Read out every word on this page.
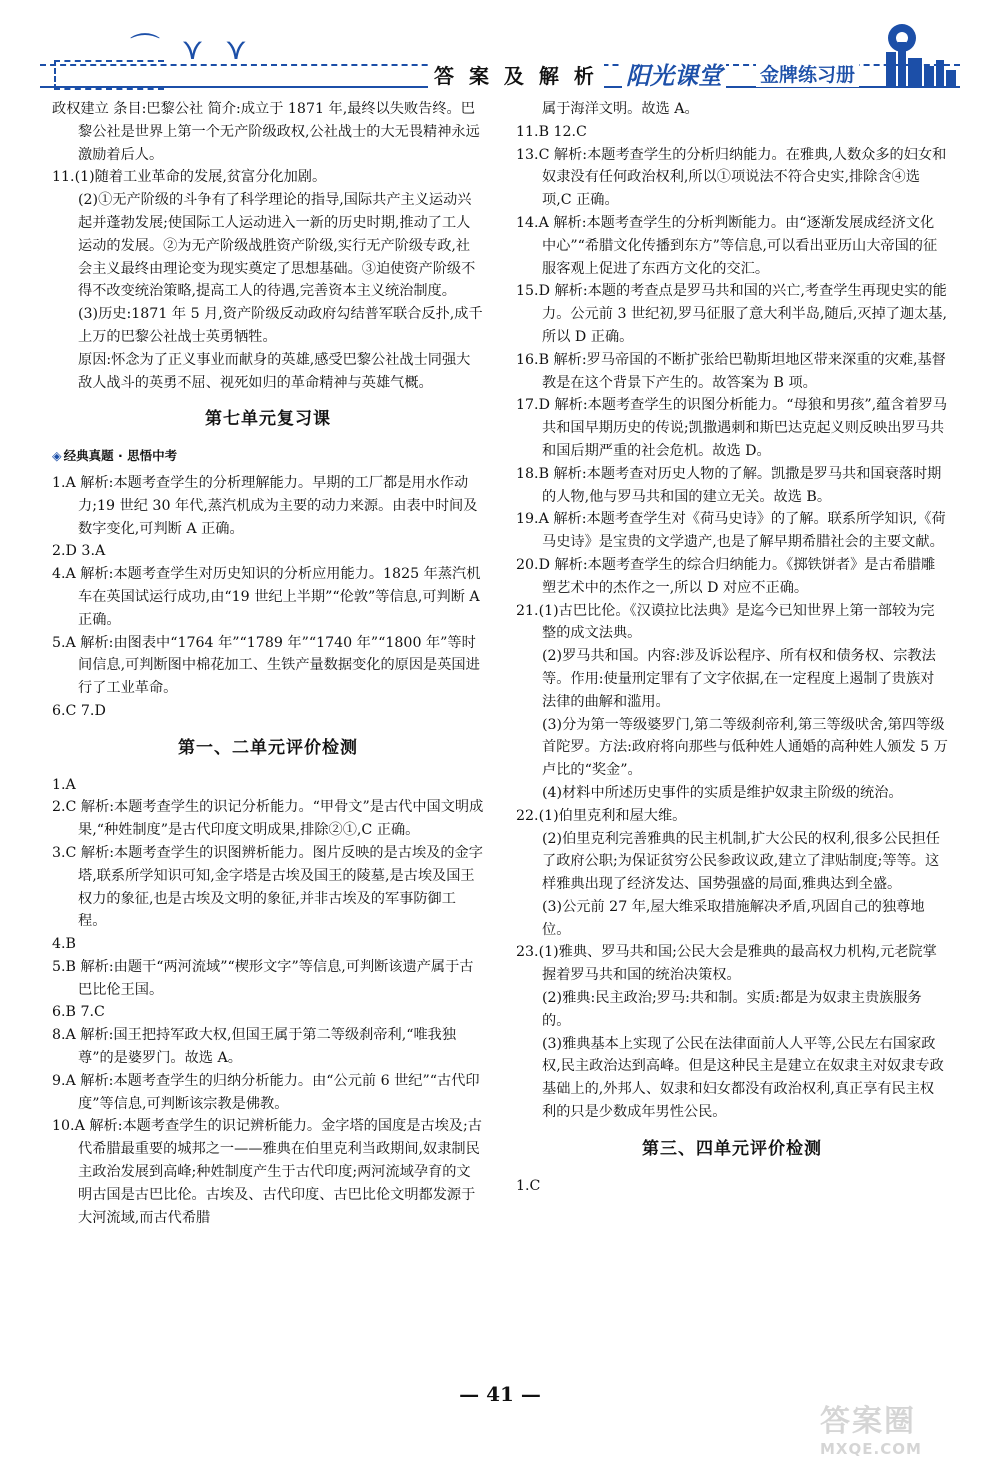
⌒ ⋎ ⋎
答 案 及 解 析 阳光课堂 金牌练习册

政权建立 条目:巴黎公社 简介:成立于 1871 年,最终以失败告终。巴黎公社是世界上第一个无产阶级政权,公社战士的大无畏精神永远激励着后人。

11.(1)随着工业革命的发展,贫富分化加剧。

(2)①无产阶级的斗争有了科学理论的指导,国际共产主义运动兴起并蓬勃发展;使国际工人运动进入一新的历史时期,推动了工人运动的发展。②为无产阶级战胜资产阶级,实行无产阶级专政,社会主义最终由理论变为现实奠定了思想基础。③迫使资产阶级不得不改变统治策略,提高工人的待遇,完善资本主义统治制度。

(3)历史:1871 年 5 月,资产阶级反动政府勾结普军联合反扑,成千上万的巴黎公社战士英勇牺牲。

原因:怀念为了正义事业而献身的英雄,感受巴黎公社战士同强大敌人战斗的英勇不屈、视死如归的革命精神与英雄气概。

第七单元复习课
◈ 经典真题 · 思悟中考

1.A 解析:本题考查学生的分析理解能力。早期的工厂都是用水作动力;19 世纪 30 年代,蒸汽机成为主要的动力来源。由表中时间及数字变化,可判断 A 正确。

2.D 3.A

4.A 解析:本题考查学生对历史知识的分析应用能力。1825 年蒸汽机车在英国试运行成功,由“19 世纪上半期”“伦敦”等信息,可判断 A 正确。

5.A 解析:由图表中“1764 年”“1789 年”“1740 年”“1800 年”等时间信息,可判断图中棉花加工、生铁产量数据变化的原因是英国进行了工业革命。

6.C 7.D

第一、二单元评价检测

1.A

2.C 解析:本题考查学生的识记分析能力。“甲骨文”是古代中国文明成果,“种姓制度”是古代印度文明成果,排除②①,C 正确。

3.C 解析:本题考查学生的识图辨析能力。图片反映的是古埃及的金字塔,联系所学知识可知,金字塔是古埃及国王的陵墓,是古埃及国王权力的象征,也是古埃及文明的象征,并非古埃及的军事防御工程。

4.B

5.B 解析:由题干“两河流域”“楔形文字”等信息,可判断该遗产属于古巴比伦王国。

6.B 7.C

8.A 解析:国王把持军政大权,但国王属于第二等级刹帝利,“唯我独尊”的是婆罗门。故选 A。

9.A 解析:本题考查学生的归纳分析能力。由“公元前 6 世纪”“古代印度”等信息,可判断该宗教是佛教。

10.A 解析:本题考查学生的识记辨析能力。金字塔的国度是古埃及;古代希腊最重要的城邦之一——雅典在伯里克利当政期间,奴隶制民主政治发展到高峰;种姓制度产生于古代印度;两河流域孕育的文明古国是古巴比伦。古埃及、古代印度、古巴比伦文明都发源于大河流域,而古代希腊

属于海洋文明。故选 A。

11.B 12.C

13.C 解析:本题考查学生的分析归纳能力。在雅典,人数众多的妇女和奴隶没有任何政治权利,所以①项说法不符合史实,排除含④选项,C 正确。

14.A 解析:本题考查学生的分析判断能力。由“逐渐发展成经济文化中心”“希腊文化传播到东方”等信息,可以看出亚历山大帝国的征服客观上促进了东西方文化的交汇。

15.D 解析:本题的考查点是罗马共和国的兴亡,考查学生再现史实的能力。公元前 3 世纪初,罗马征服了意大利半岛,随后,灭掉了迦太基,所以 D 正确。

16.B 解析:罗马帝国的不断扩张给巴勒斯坦地区带来深重的灾难,基督教是在这个背景下产生的。故答案为 B 项。

17.D 解析:本题考查学生的识图分析能力。“母狼和男孩”,蕴含着罗马共和国早期历史的传说;凯撒遇刺和斯巴达克起义则反映出罗马共和国后期严重的社会危机。故选 D。

18.B 解析:本题考查对历史人物的了解。凯撒是罗马共和国衰落时期的人物,他与罗马共和国的建立无关。故选 B。

19.A 解析:本题考查学生对《荷马史诗》的了解。联系所学知识,《荷马史诗》是宝贵的文学遗产,也是了解早期希腊社会的主要文献。

20.D 解析:本题考查学生的综合归纳能力。《掷铁饼者》是古希腊雕塑艺术中的杰作之一,所以 D 对应不正确。

21.(1)古巴比伦。《汉谟拉比法典》是迄今已知世界上第一部较为完整的成文法典。

(2)罗马共和国。内容:涉及诉讼程序、所有权和债务权、宗教法等。作用:使量刑定罪有了文字依据,在一定程度上遏制了贵族对法律的曲解和滥用。

(3)分为第一等级婆罗门,第二等级刹帝利,第三等级吠舍,第四等级首陀罗。方法:政府将向那些与低种姓人通婚的高种姓人颁发 5 万卢比的“奖金”。

(4)材料中所述历史事件的实质是维护奴隶主阶级的统治。

22.(1)伯里克利和屋大维。

(2)伯里克利完善雅典的民主机制,扩大公民的权利,很多公民担任了政府公职;为保证贫穷公民参政议政,建立了津贴制度;等等。这样雅典出现了经济发达、国势强盛的局面,雅典达到全盛。

(3)公元前 27 年,屋大维采取措施解决矛盾,巩固自己的独尊地位。

23.(1)雅典、罗马共和国;公民大会是雅典的最高权力机构,元老院掌握着罗马共和国的统治决策权。

(2)雅典:民主政治;罗马:共和制。实质:都是为奴隶主贵族服务的。

(3)雅典基本上实现了公民在法律面前人人平等,公民左右国家政权,民主政治达到高峰。但是这种民主是建立在奴隶主对奴隶专政基础上的,外邦人、奴隶和妇女都没有政治权利,真正享有民主权利的只是少数成年男性公民。

第三、四单元评价检测

1.C

— 41 —
答案圈
MXQE.COM
